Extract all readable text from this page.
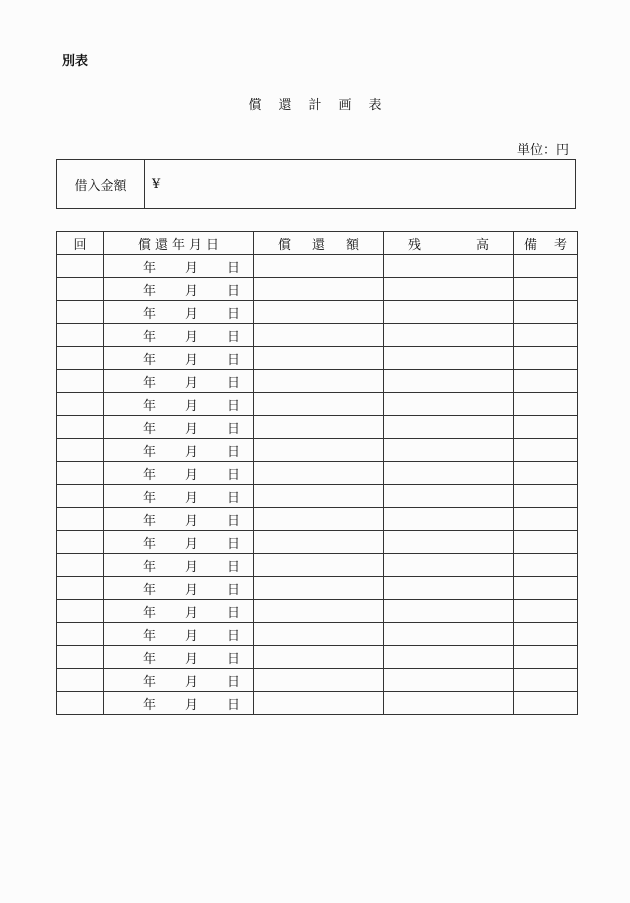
別表
償還計画表
単位：円
借入金額	¥
回	償 還 年 月 日	償 還 額	残 高	備 考

	年 月 日			

	年 月 日			

	年 月 日			

	年 月 日			

	年 月 日			

	年 月 日			

	年 月 日			

	年 月 日			

	年 月 日			

	年 月 日			

	年 月 日			

	年 月 日			

	年 月 日			

	年 月 日			

	年 月 日			

	年 月 日			

	年 月 日			

	年 月 日			

	年 月 日			

	年 月 日			
